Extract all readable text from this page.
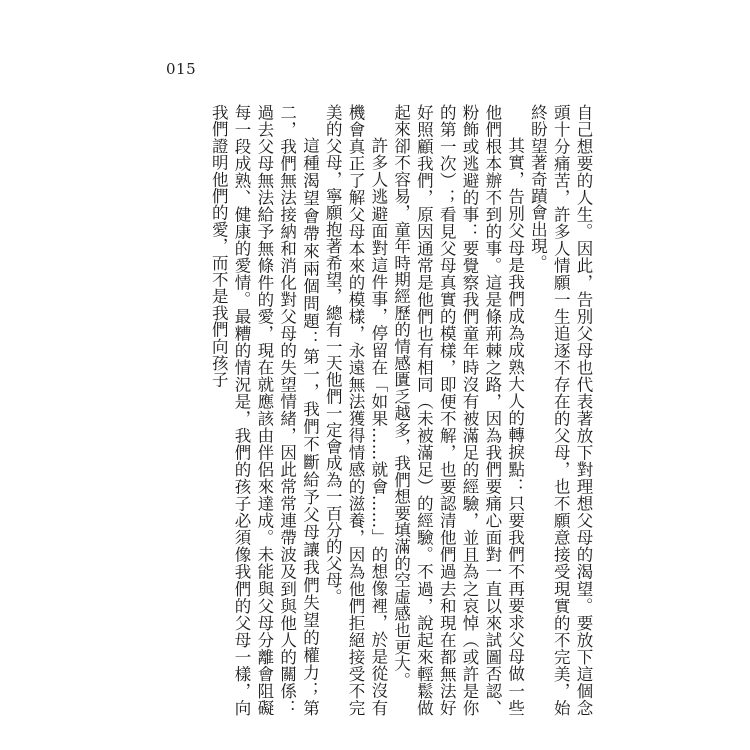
015

自己想要的人生。因此，告別父母也代表著放下對理想父母的渴望。要放下這個念頭十分痛苦，許多人情願一生追逐不存在的父母，也不願意接受現實的不完美，始終盼望著奇蹟會出現。

其實，告別父母是我們成為成熟大人的轉捩點：只要我們不再要求父母做一些他們根本辦不到的事。這是條荊棘之路，因為我們要痛心面對一直以來試圖否認、粉飾或逃避的事：要覺察我們童年時沒有被滿足的經驗，並且為之哀悼（或許是你的第一次）；看見父母真實的模樣，即便不解，也要認清他們過去和現在都無法好好照顧我們，原因通常是他們也有相同（未被滿足）的經驗。不過，說起來輕鬆做起來卻不容易，童年時期經歷的情感匱乏越多，我們想要填滿的空虛感也更大。

許多人逃避面對這件事，停留在「如果……就會……」的想像裡，於是從沒有機會真正了解父母本來的模樣，永遠無法獲得情感的滋養，因為他們拒絕接受不完美的父母，寧願抱著希望，總有一天他們一定會成為一百分的父母。

這種渴望會帶來兩個問題：第一，我們不斷給予父母讓我們失望的權力；第二，我們無法接納和消化對父母的失望情緒，因此常常連帶波及到與他人的關係：過去父母無法給予無條件的愛，現在就應該由伴侶來達成。未能與父母分離會阻礙每一段成熟、健康的愛情。最糟的情況是，我們的孩子必須像我們的父母一樣，向我們證明他們的愛，而不是我們向孩子
